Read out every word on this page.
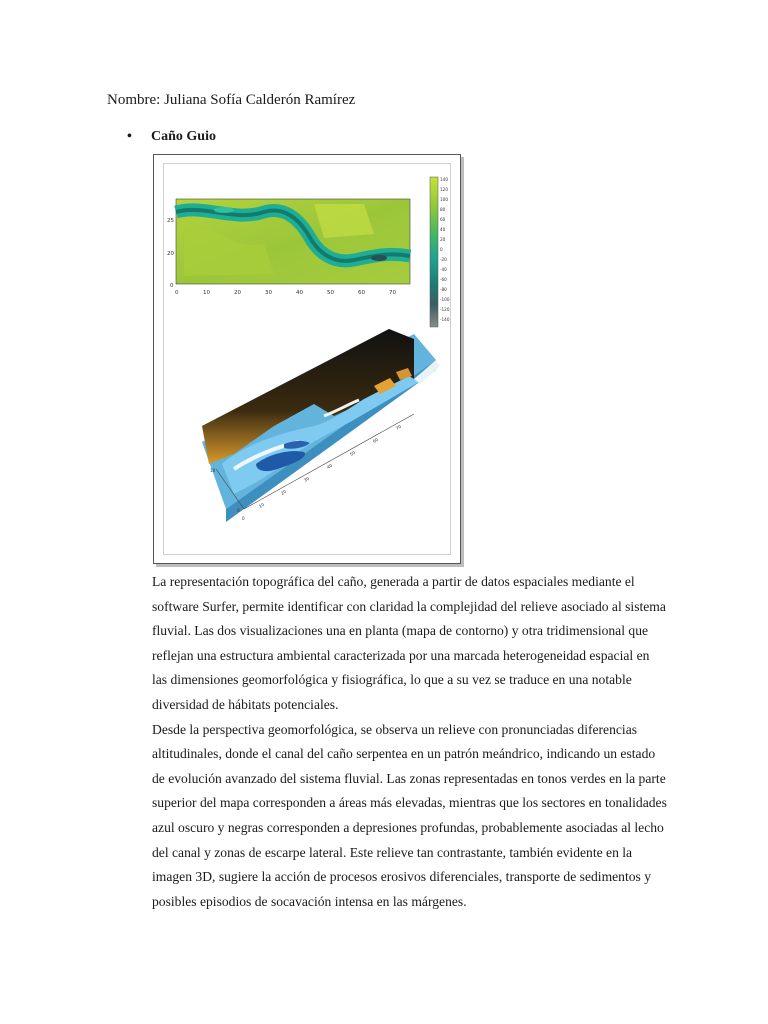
Nombre: Juliana Sofía Calderón Ramírez
• Caño Guio
25
20
0
0	10	20	30	40	50	60	70
140
120
100
80
60
40
20
0
-20
-40
-60
-80
-100
-120
-140
0
10
20
30
40
50
60
70
0
10

La representación topográfica del caño, generada a partir de datos espaciales mediante el software Surfer, permite identificar con claridad la complejidad del relieve asociado al sistema fluvial. Las dos visualizaciones una en planta (mapa de contorno) y otra tridimensional que reflejan una estructura ambiental caracterizada por una marcada heterogeneidad espacial en las dimensiones geomorfológica y fisiográfica, lo que a su vez se traduce en una notable diversidad de hábitats potenciales.

Desde la perspectiva geomorfológica, se observa un relieve con pronunciadas diferencias altitudinales, donde el canal del caño serpentea en un patrón meándrico, indicando un estado de evolución avanzado del sistema fluvial. Las zonas representadas en tonos verdes en la parte superior del mapa corresponden a áreas más elevadas, mientras que los sectores en tonalidades azul oscuro y negras corresponden a depresiones profundas, probablemente asociadas al lecho del canal y zonas de escarpe lateral. Este relieve tan contrastante, también evidente en la imagen 3D, sugiere la acción de procesos erosivos diferenciales, transporte de sedimentos y posibles episodios de socavación intensa en las márgenes.
